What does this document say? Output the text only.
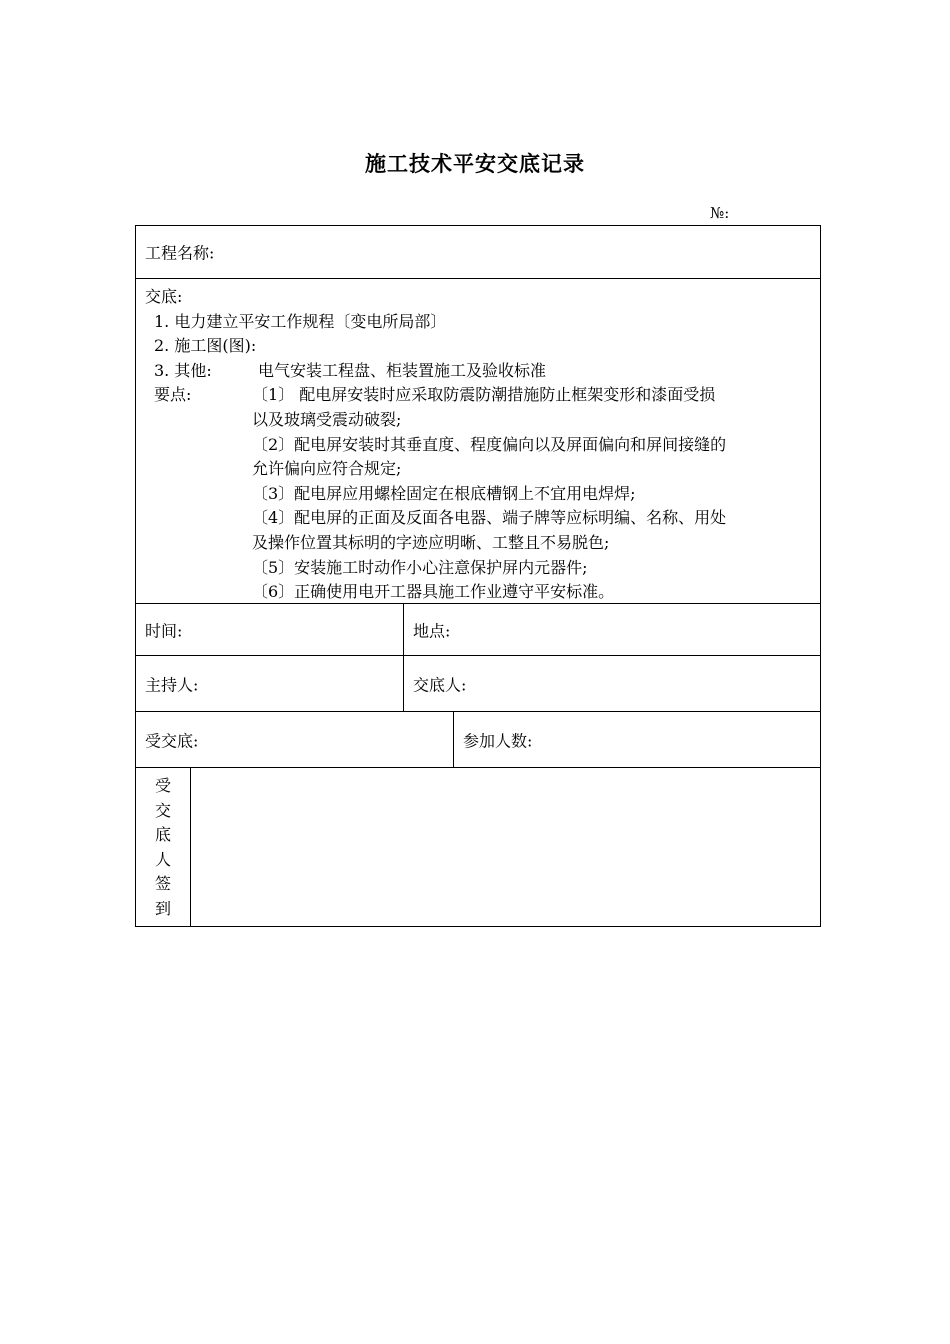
施工技术平安交底记录
№:
工程名称:
交底:
1. 电力建立平安工作规程〔变电所局部〕
2. 施工图(图):
3. 其他:	电气安装工程盘、柜装置施工及验收标准
要点:	〔1〕 配电屏安装时应采取防震防潮措施防止框架变形和漆面受损
以及玻璃受震动破裂;
〔2〕配电屏安装时其垂直度、程度偏向以及屏面偏向和屏间接缝的
允许偏向应符合规定;
〔3〕配电屏应用螺栓固定在根底槽钢上不宜用电焊焊;
〔4〕配电屏的正面及反面各电器、端子牌等应标明编、名称、用处
及操作位置其标明的字迹应明晰、工整且不易脱色;
〔5〕安装施工时动作小心注意保护屏内元器件;
〔6〕正确使用电开工器具施工作业遵守平安标准。
时间:	地点:
主持人:	交底人:
受交底:	参加人数:
受
交
底
人
签
到
